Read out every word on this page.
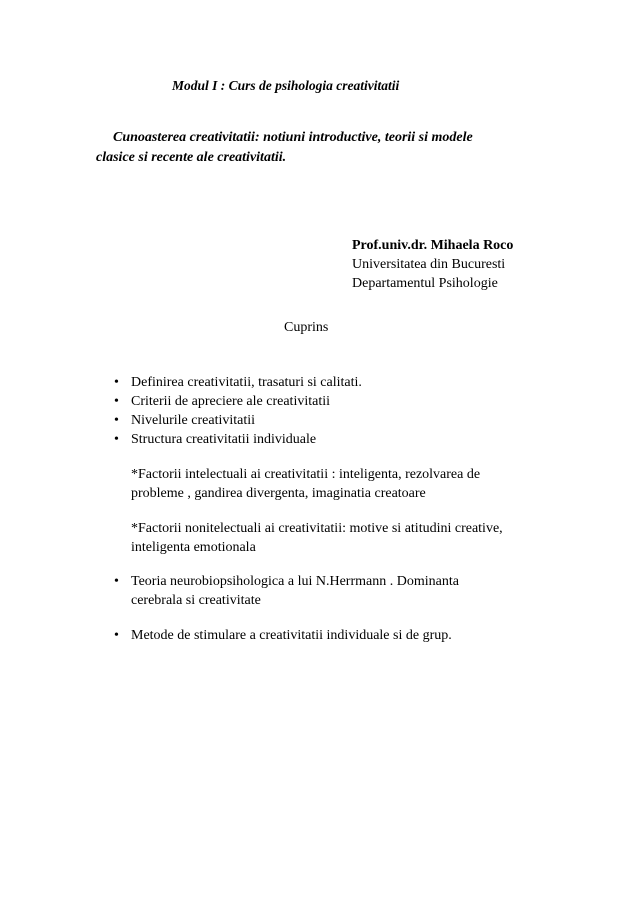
Modul I : Curs de psihologia creativitatii
Cunoasterea creativitatii: notiuni introductive, teorii si modele
clasice si recente ale creativitatii.
Prof.univ.dr. Mihaela Roco
Universitatea din Bucuresti
Departamentul Psihologie
Cuprins
• Definirea creativitatii, trasaturi si calitati.
• Criterii de apreciere ale creativitatii
• Nivelurile creativitatii
• Structura creativitatii individuale
*Factorii intelectuali ai creativitatii : inteligenta, rezolvarea de
probleme , gandirea divergenta, imaginatia creatoare
*Factorii nonitelectuali ai creativitatii: motive si atitudini creative,
inteligenta emotionala
• Teoria neurobiopsihologica a lui N.Herrmann . Dominanta
cerebrala si creativitate
• Metode de stimulare a creativitatii individuale si de grup.
